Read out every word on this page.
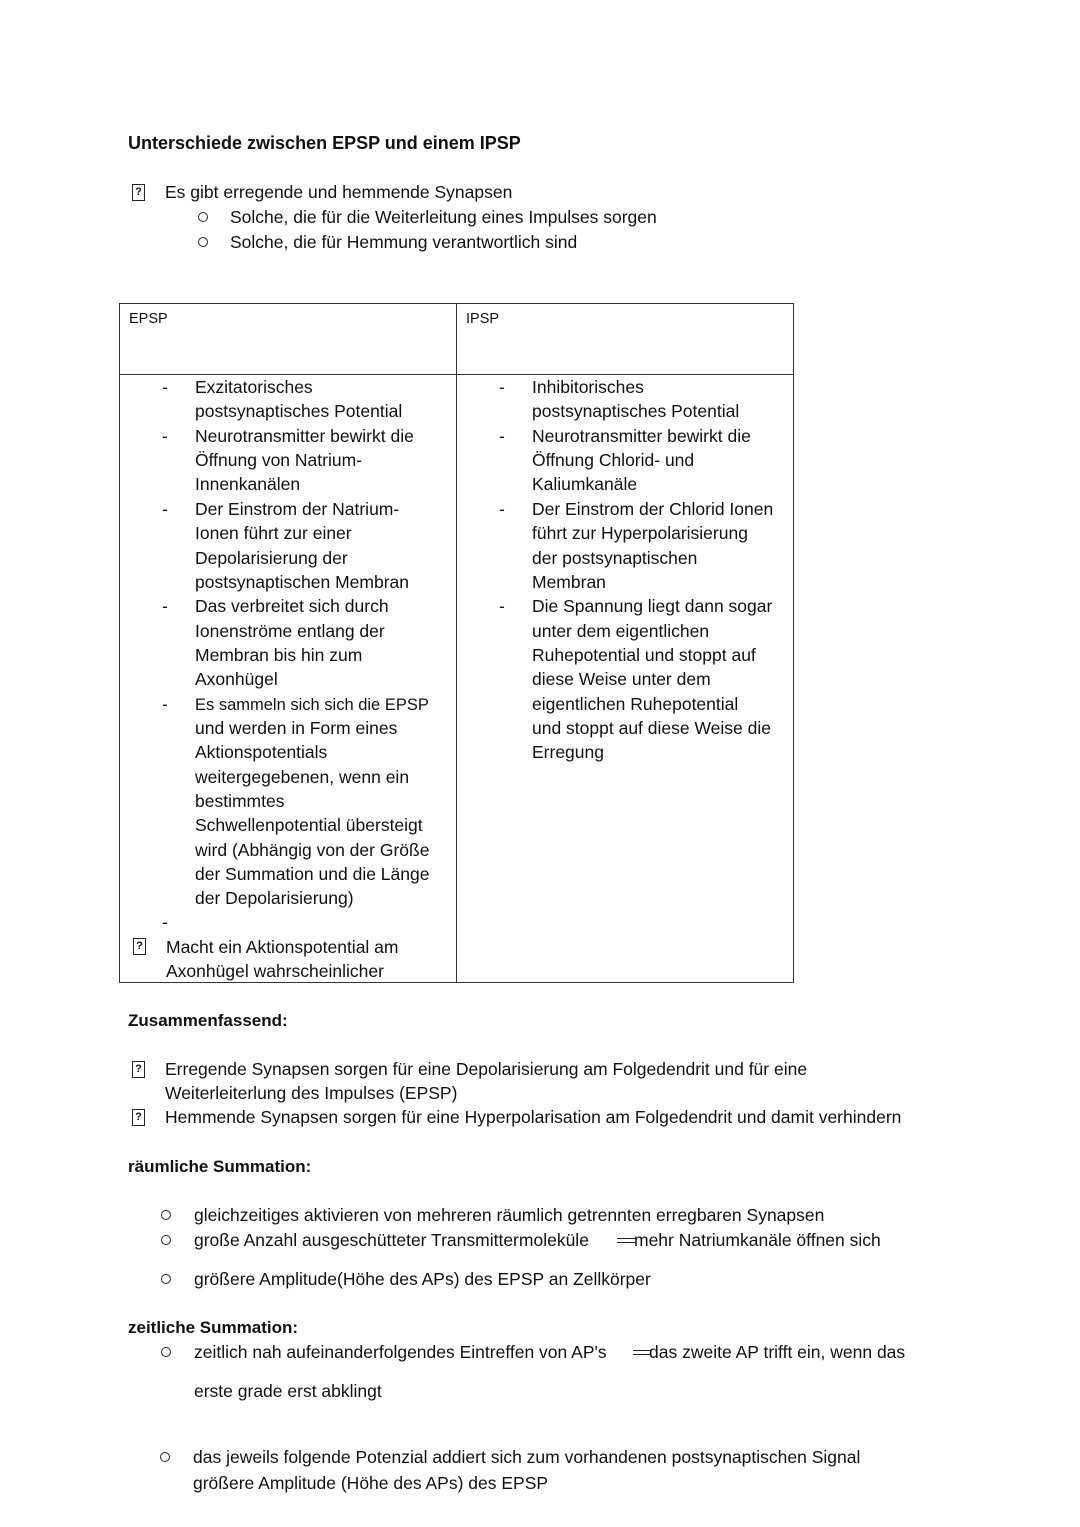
Unterschiede zwischen EPSP und einem IPSP
? Es gibt erregende und hemmende Synapsen
Solche, die für die Weiterleitung eines Impulses sorgen
Solche, die für Hemmung verantwortlich sind
EPSP	IPSP
Exzitatorisches
postsynaptisches Potential
Neurotransmitter bewirkt die
Öffnung von Natrium-
Innenkanälen
Der Einstrom der Natrium-
Ionen führt zur einer
Depolarisierung der
postsynaptischen Membran
Das verbreitet sich durch
Ionenströme entlang der
Membran bis hin zum
Axonhügel
Es sammeln sich sich die EPSP
und werden in Form eines
Aktionspotentials
weitergegebenen, wenn ein
bestimmtes
Schwellenpotential übersteigt
wird (Abhängig von der Größe
der Summation und die Länge
der Depolarisierung)
-
-
-
-
-
-
? Macht ein Aktionspotential am
Axonhügel wahrscheinlicher
Inhibitorisches
postsynaptisches Potential
Neurotransmitter bewirkt die
Öffnung Chlorid- und
Kaliumkanäle
Der Einstrom der Chlorid Ionen
führt zur Hyperpolarisierung
der postsynaptischen
Membran
Die Spannung liegt dann sogar
unter dem eigentlichen
Ruhepotential und stoppt auf
diese Weise unter dem
eigentlichen Ruhepotential
und stoppt auf diese Weise die
Erregung
-
-
-
-
Zusammenfassend:
? Erregende Synapsen sorgen für eine Depolarisierung am Folgedendrit und für eine
Weiterleiterlung des Impulses (EPSP)
? Hemmende Synapsen sorgen für eine Hyperpolarisation am Folgedendrit und damit verhindern
räumliche Summation:
gleichzeitiges aktivieren von mehreren räumlich getrennten erregbaren Synapsen
große Anzahl ausgeschütteter Transmittermoleküle	mehr Natriumkanäle öffnen sich
größere Amplitude(Höhe des APs) des EPSP an Zellkörper
zeitliche Summation:
zeitlich nah aufeinanderfolgendes Eintreffen von AP's das zweite AP trifft ein, wenn das
erste grade erst abklingt
das jeweils folgende Potenzial addiert sich zum vorhandenen postsynaptischen Signal
größere Amplitude (Höhe des APs) des EPSP
